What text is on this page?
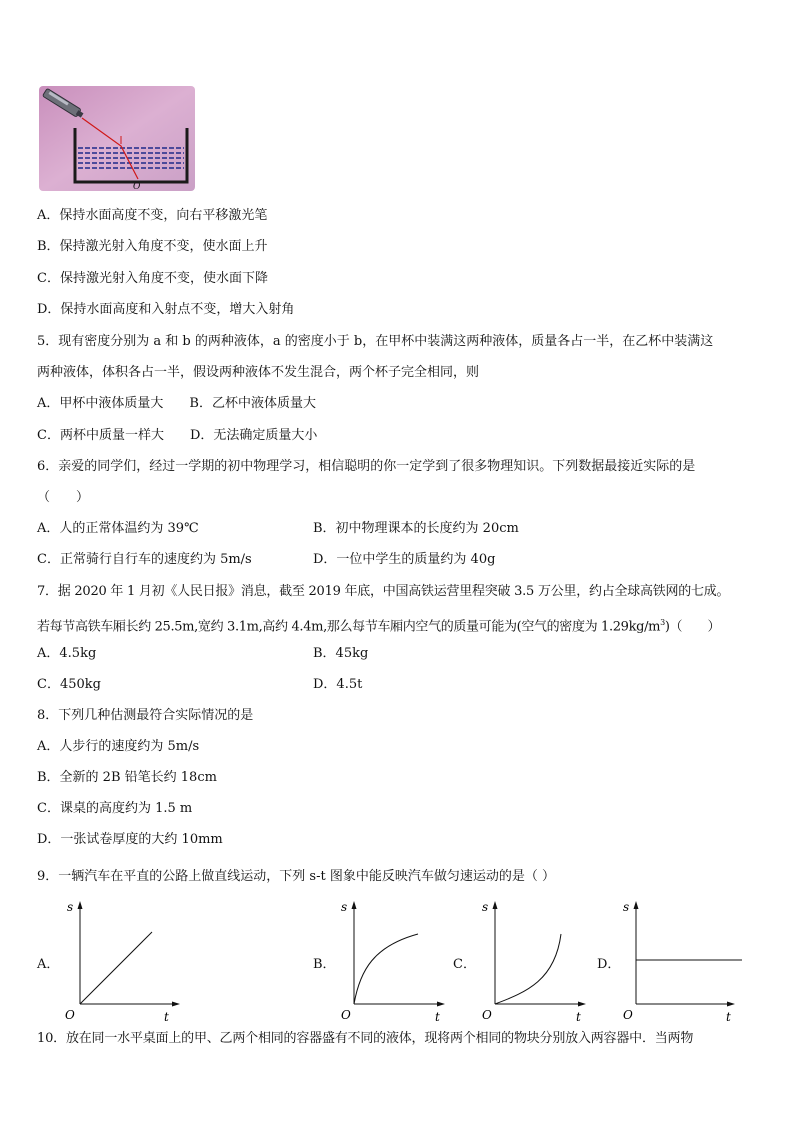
O
A．保持水面高度不变，向右平移激光笔
B．保持激光射入角度不变，使水面上升
C．保持激光射入角度不变，使水面下降
D．保持水面高度和入射点不变，增大入射角
5．现有密度分别为 a 和 b 的两种液体，a 的密度小于 b，在甲杯中装满这两种液体，质量各占一半，在乙杯中装满这
两种液体，体积各占一半，假设两种液体不发生混合，两个杯子完全相同，则
A．甲杯中液体质量大　　B．乙杯中液体质量大
C．两杯中质量一样大　　D．无法确定质量大小
6．亲爱的同学们，经过一学期的初中物理学习，相信聪明的你一定学到了很多物理知识。下列数据最接近实际的是
（　　）
A．人的正常体温约为 39℃	B．初中物理课本的长度约为 20cm
C．正常骑行自行车的速度约为 5m/s	D．一位中学生的质量约为 40g
7．据 2020 年 1 月初《人民日报》消息，截至 2019 年底，中国高铁运营里程突破 3.5 万公里，约占全球高铁网的七成。
若每节高铁车厢长约 25.5m,宽约 3.1m,高约 4.4m,那么每节车厢内空气的质量可能为(空气的密度为 $1.29kg/m^3$)（　　）
A．4.5kg	B．45kg
C．450kg	D．4.5t
8．下列几种估测最符合实际情况的是
A．人步行的速度约为 5m/s
B．全新的 2B 铅笔长约 18cm
C．课桌的高度约为 1.5 m
D．一张试卷厚度的大约 10mm
9．一辆汽车在平直的公路上做直线运动，下列 s-t 图象中能反映汽车做匀速运动的是（ ）
A．
s
t
O
B．
s
t
O
C．
s
t
O
D．
s
t
O
10．放在同一水平桌面上的甲、乙两个相同的容器盛有不同的液体，现将两个相同的物块分别放入两容器中．当两物
